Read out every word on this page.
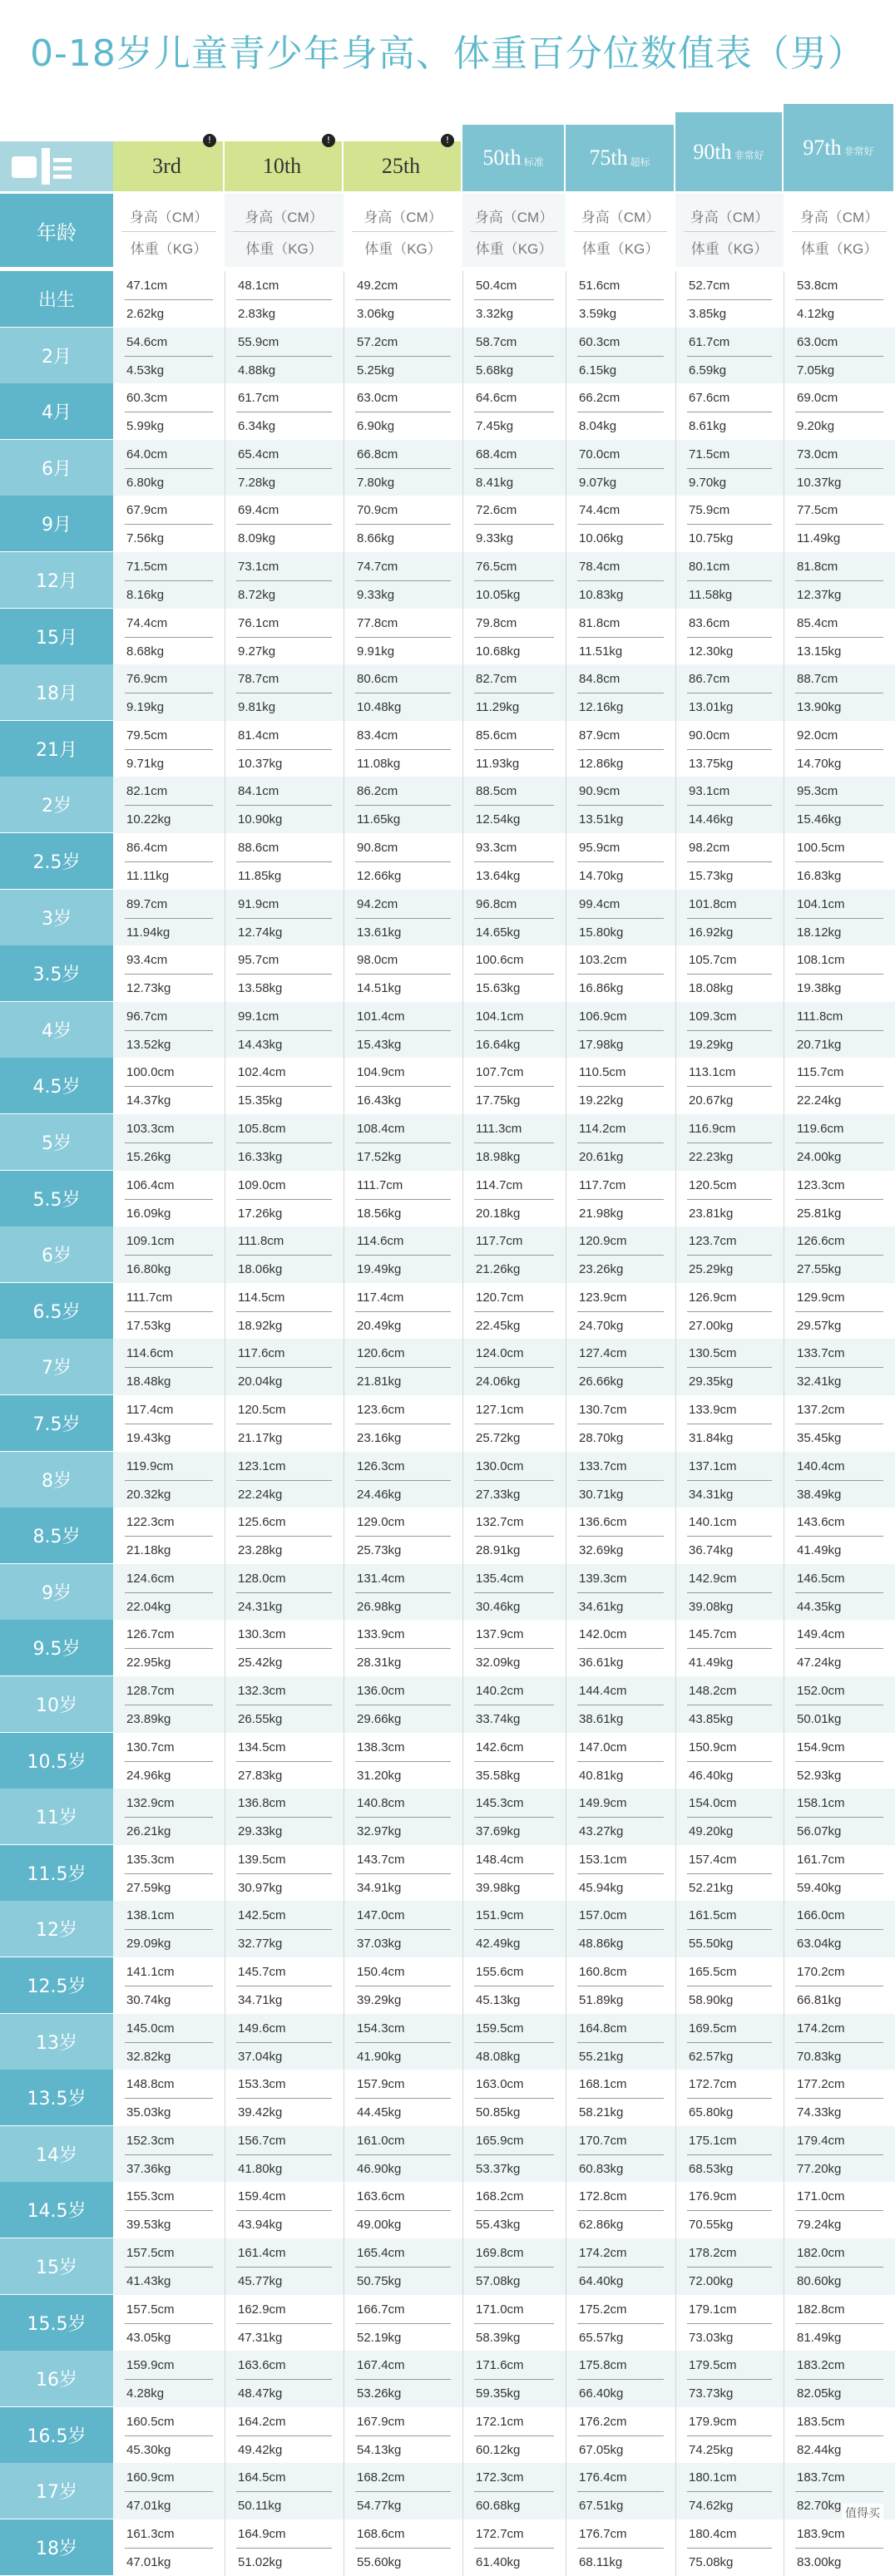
0-18岁儿童青少年身高、体重百分位数值表（男）
3rd
!
10th
!
25th
!
50th 标准 75th 超标 90th 非常好 97th 非常好
年龄
身高（CM）
体重（KG）
身高（CM）
体重（KG）
身高（CM）
体重（KG）
身高（CM）
体重（KG）
身高（CM）
体重（KG）
身高（CM）
体重（KG）
身高（CM）
体重（KG）
出生
47.1cm
2.62kg
48.1cm
2.83kg
49.2cm
3.06kg
50.4cm
3.32kg
51.6cm
3.59kg
52.7cm
3.85kg
53.8cm
4.12kg
2月
54.6cm
4.53kg
55.9cm
4.88kg
57.2cm
5.25kg
58.7cm
5.68kg
60.3cm
6.15kg
61.7cm
6.59kg
63.0cm
7.05kg
4月
60.3cm
5.99kg
61.7cm
6.34kg
63.0cm
6.90kg
64.6cm
7.45kg
66.2cm
8.04kg
67.6cm
8.61kg
69.0cm
9.20kg
6月
64.0cm
6.80kg
65.4cm
7.28kg
66.8cm
7.80kg
68.4cm
8.41kg
70.0cm
9.07kg
71.5cm
9.70kg
73.0cm
10.37kg
9月
67.9cm
7.56kg
69.4cm
8.09kg
70.9cm
8.66kg
72.6cm
9.33kg
74.4cm
10.06kg
75.9cm
10.75kg
77.5cm
11.49kg
12月
71.5cm
8.16kg
73.1cm
8.72kg
74.7cm
9.33kg
76.5cm
10.05kg
78.4cm
10.83kg
80.1cm
11.58kg
81.8cm
12.37kg
15月
74.4cm
8.68kg
76.1cm
9.27kg
77.8cm
9.91kg
79.8cm
10.68kg
81.8cm
11.51kg
83.6cm
12.30kg
85.4cm
13.15kg
18月
76.9cm
9.19kg
78.7cm
9.81kg
80.6cm
10.48kg
82.7cm
11.29kg
84.8cm
12.16kg
86.7cm
13.01kg
88.7cm
13.90kg
21月
79.5cm
9.71kg
81.4cm
10.37kg
83.4cm
11.08kg
85.6cm
11.93kg
87.9cm
12.86kg
90.0cm
13.75kg
92.0cm
14.70kg
2岁
82.1cm
10.22kg
84.1cm
10.90kg
86.2cm
11.65kg
88.5cm
12.54kg
90.9cm
13.51kg
93.1cm
14.46kg
95.3cm
15.46kg
2.5岁
86.4cm
11.11kg
88.6cm
11.85kg
90.8cm
12.66kg
93.3cm
13.64kg
95.9cm
14.70kg
98.2cm
15.73kg
100.5cm
16.83kg
3岁
89.7cm
11.94kg
91.9cm
12.74kg
94.2cm
13.61kg
96.8cm
14.65kg
99.4cm
15.80kg
101.8cm
16.92kg
104.1cm
18.12kg
3.5岁
93.4cm
12.73kg
95.7cm
13.58kg
98.0cm
14.51kg
100.6cm
15.63kg
103.2cm
16.86kg
105.7cm
18.08kg
108.1cm
19.38kg
4岁
96.7cm
13.52kg
99.1cm
14.43kg
101.4cm
15.43kg
104.1cm
16.64kg
106.9cm
17.98kg
109.3cm
19.29kg
111.8cm
20.71kg
4.5岁
100.0cm
14.37kg
102.4cm
15.35kg
104.9cm
16.43kg
107.7cm
17.75kg
110.5cm
19.22kg
113.1cm
20.67kg
115.7cm
22.24kg
5岁
103.3cm
15.26kg
105.8cm
16.33kg
108.4cm
17.52kg
111.3cm
18.98kg
114.2cm
20.61kg
116.9cm
22.23kg
119.6cm
24.00kg
5.5岁
106.4cm
16.09kg
109.0cm
17.26kg
111.7cm
18.56kg
114.7cm
20.18kg
117.7cm
21.98kg
120.5cm
23.81kg
123.3cm
25.81kg
6岁
109.1cm
16.80kg
111.8cm
18.06kg
114.6cm
19.49kg
117.7cm
21.26kg
120.9cm
23.26kg
123.7cm
25.29kg
126.6cm
27.55kg
6.5岁
111.7cm
17.53kg
114.5cm
18.92kg
117.4cm
20.49kg
120.7cm
22.45kg
123.9cm
24.70kg
126.9cm
27.00kg
129.9cm
29.57kg
7岁
114.6cm
18.48kg
117.6cm
20.04kg
120.6cm
21.81kg
124.0cm
24.06kg
127.4cm
26.66kg
130.5cm
29.35kg
133.7cm
32.41kg
7.5岁
117.4cm
19.43kg
120.5cm
21.17kg
123.6cm
23.16kg
127.1cm
25.72kg
130.7cm
28.70kg
133.9cm
31.84kg
137.2cm
35.45kg
8岁
119.9cm
20.32kg
123.1cm
22.24kg
126.3cm
24.46kg
130.0cm
27.33kg
133.7cm
30.71kg
137.1cm
34.31kg
140.4cm
38.49kg
8.5岁
122.3cm
21.18kg
125.6cm
23.28kg
129.0cm
25.73kg
132.7cm
28.91kg
136.6cm
32.69kg
140.1cm
36.74kg
143.6cm
41.49kg
9岁
124.6cm
22.04kg
128.0cm
24.31kg
131.4cm
26.98kg
135.4cm
30.46kg
139.3cm
34.61kg
142.9cm
39.08kg
146.5cm
44.35kg
9.5岁
126.7cm
22.95kg
130.3cm
25.42kg
133.9cm
28.31kg
137.9cm
32.09kg
142.0cm
36.61kg
145.7cm
41.49kg
149.4cm
47.24kg
10岁
128.7cm
23.89kg
132.3cm
26.55kg
136.0cm
29.66kg
140.2cm
33.74kg
144.4cm
38.61kg
148.2cm
43.85kg
152.0cm
50.01kg
10.5岁
130.7cm
24.96kg
134.5cm
27.83kg
138.3cm
31.20kg
142.6cm
35.58kg
147.0cm
40.81kg
150.9cm
46.40kg
154.9cm
52.93kg
11岁
132.9cm
26.21kg
136.8cm
29.33kg
140.8cm
32.97kg
145.3cm
37.69kg
149.9cm
43.27kg
154.0cm
49.20kg
158.1cm
56.07kg
11.5岁
135.3cm
27.59kg
139.5cm
30.97kg
143.7cm
34.91kg
148.4cm
39.98kg
153.1cm
45.94kg
157.4cm
52.21kg
161.7cm
59.40kg
12岁
138.1cm
29.09kg
142.5cm
32.77kg
147.0cm
37.03kg
151.9cm
42.49kg
157.0cm
48.86kg
161.5cm
55.50kg
166.0cm
63.04kg
12.5岁
141.1cm
30.74kg
145.7cm
34.71kg
150.4cm
39.29kg
155.6cm
45.13kg
160.8cm
51.89kg
165.5cm
58.90kg
170.2cm
66.81kg
13岁
145.0cm
32.82kg
149.6cm
37.04kg
154.3cm
41.90kg
159.5cm
48.08kg
164.8cm
55.21kg
169.5cm
62.57kg
174.2cm
70.83kg
13.5岁
148.8cm
35.03kg
153.3cm
39.42kg
157.9cm
44.45kg
163.0cm
50.85kg
168.1cm
58.21kg
172.7cm
65.80kg
177.2cm
74.33kg
14岁
152.3cm
37.36kg
156.7cm
41.80kg
161.0cm
46.90kg
165.9cm
53.37kg
170.7cm
60.83kg
175.1cm
68.53kg
179.4cm
77.20kg
14.5岁
155.3cm
39.53kg
159.4cm
43.94kg
163.6cm
49.00kg
168.2cm
55.43kg
172.8cm
62.86kg
176.9cm
70.55kg
171.0cm
79.24kg
15岁
157.5cm
41.43kg
161.4cm
45.77kg
165.4cm
50.75kg
169.8cm
57.08kg
174.2cm
64.40kg
178.2cm
72.00kg
182.0cm
80.60kg
15.5岁
157.5cm
43.05kg
162.9cm
47.31kg
166.7cm
52.19kg
171.0cm
58.39kg
175.2cm
65.57kg
179.1cm
73.03kg
182.8cm
81.49kg
16岁
159.9cm
4.28kg
163.6cm
48.47kg
167.4cm
53.26kg
171.6cm
59.35kg
175.8cm
66.40kg
179.5cm
73.73kg
183.2cm
82.05kg
16.5岁
160.5cm
45.30kg
164.2cm
49.42kg
167.9cm
54.13kg
172.1cm
60.12kg
176.2cm
67.05kg
179.9cm
74.25kg
183.5cm
82.44kg
17岁
160.9cm
47.01kg
164.5cm
50.11kg
168.2cm
54.77kg
172.3cm
60.68kg
176.4cm
67.51kg
180.1cm
74.62kg
183.7cm
82.70kg
18岁
161.3cm
47.01kg
164.9cm
51.02kg
168.6cm
55.60kg
172.7cm
61.40kg
176.7cm
68.11kg
180.4cm
75.08kg
183.9cm
83.00kg
值得买
